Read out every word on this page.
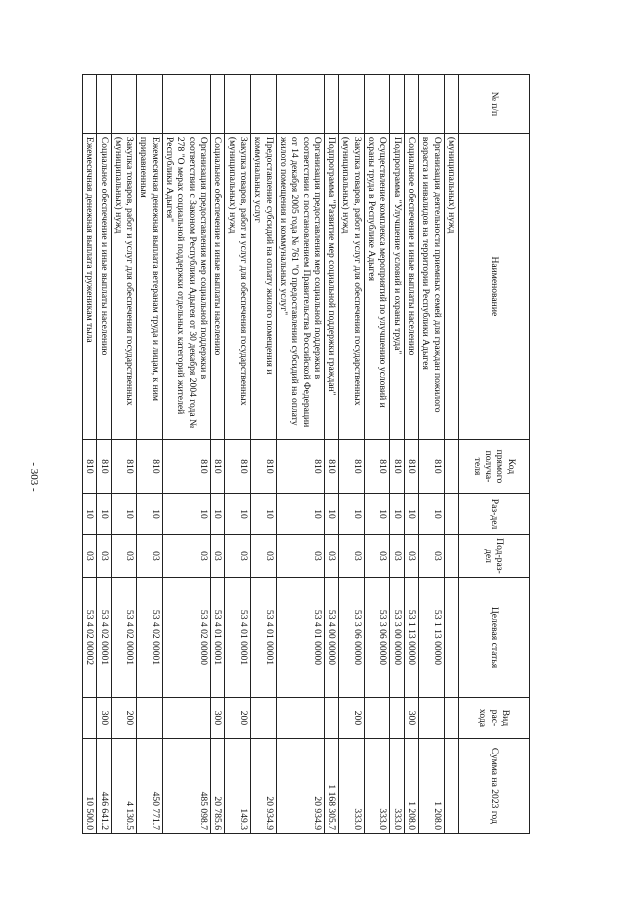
- 303 -
№ п/п	Наименование	Код прямого получа-теля	Раз-дел	Под-раз-дел	Целевая статья	Вид рас-хода	Сумма на 2023 год
	(муниципальных) нужд						
	Организация деятельности приемных семей для граждан пожилого возраста и инвалидов на территории Республики Адыгея	810	10	03	53 1 13 00000		1 208.0
	Социальное обеспечение и иные выплаты населению	810	10	03	53 1 13 00000	300	1 208.0
	Подпрограмма "Улучшение условий и охраны труда"	810	10	03	53 3 00 00000		333.0
	Осуществление комплекса мероприятий по улучшению условий и охраны труда в Республике Адыгея	810	10	03	53 3 06 00000		333.0
	Закупка товаров, работ и услуг для обеспечения государственных (муниципальных) нужд	810	10	03	53 3 06 00000	200	333.0
	Подпрограмма "Развитие мер социальной поддержки граждан"	810	10	03	53 4 00 00000		1 168 305.7
	Организация предоставления мер социальной поддержки в соответствии с постановлением Правительства Российской Федерации от 14 декабря 2005 года № 761 "О предоставлении субсидий на оплату жилого помещения и коммунальных услуг"	810	10	03	53 4 01 00000		20 934.9
	Предоставление субсидий на оплату жилого помещения и коммунальных услуг	810	10	03	53 4 01 00001		20 934.9
	Закупка товаров, работ и услуг для обеспечения государственных (муниципальных) нужд	810	10	03	53 4 01 00001	200	149.3
	Социальное обеспечение и иные выплаты населению	810	10	03	53 4 01 00001	300	20 785.6
	Организация предоставления мер социальной поддержки в соответствии с Законом Республики Адыгея от 30 декабря 2004 года № 278 "О мерах социальной поддержки отдельных категорий жителей Республики Адыгея"	810	10	03	53 4 02 00000		485 098.7
	Ежемесячная денежная выплата ветеранам труда и лицам, к ним приравненным	810	10	03	53 4 02 00001		450 771.7
	Закупка товаров, работ и услуг для обеспечения государственных (муниципальных) нужд	810	10	03	53 4 02 00001	200	4 130.5
	Социальное обеспечение и иные выплаты населению	810	10	03	53 4 02 00001	300	446 641.2
	Ежемесячная денежная выплата труженикам тыла	810	10	03	53 4 02 00002		10 500.0
